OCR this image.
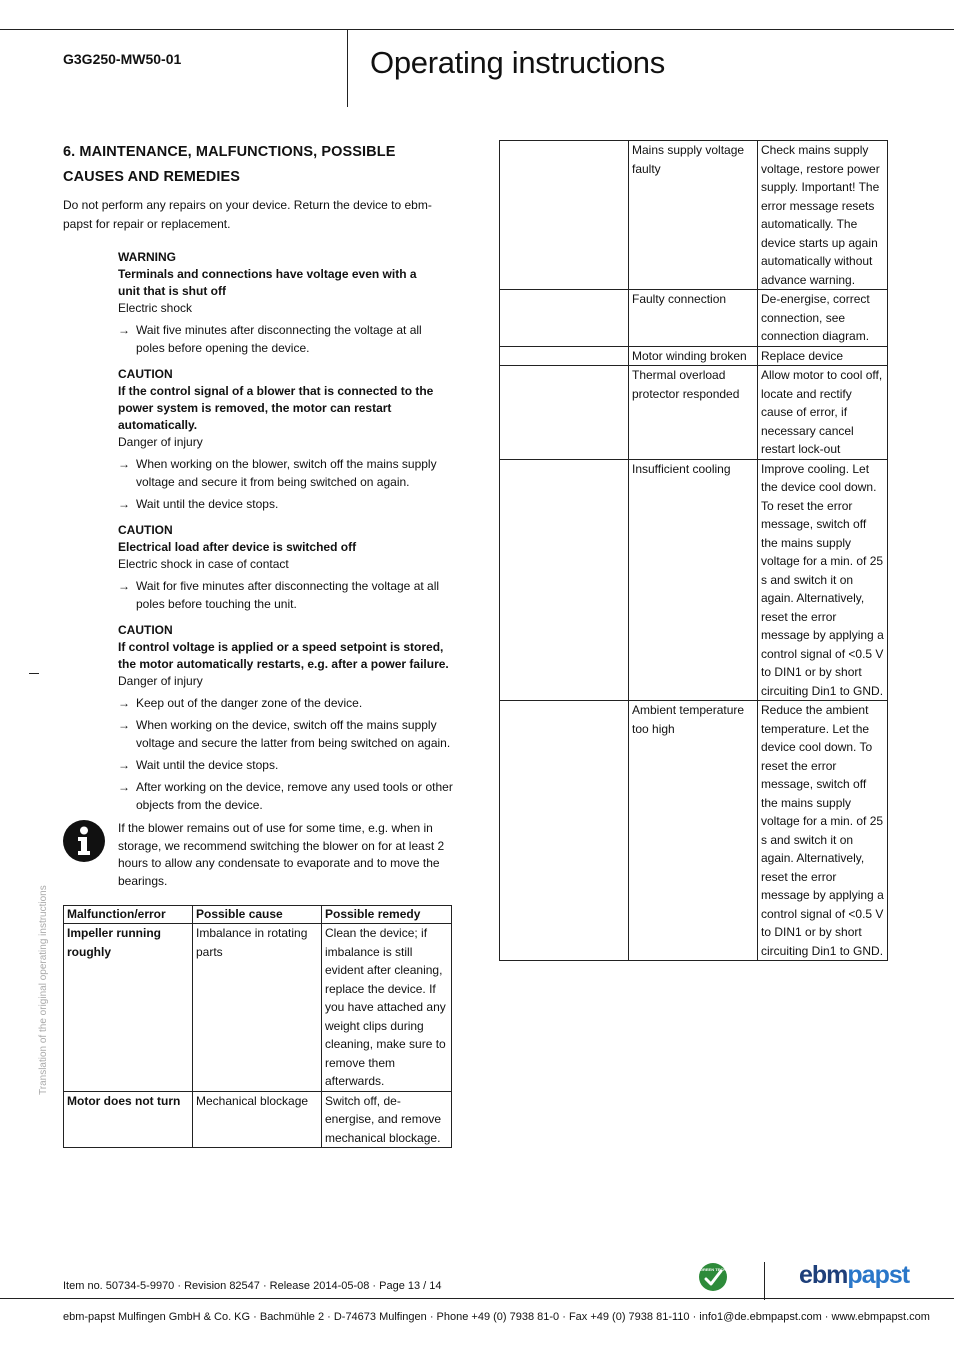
G3G250-MW50-01	Operating instructions
6. MAINTENANCE, MALFUNCTIONS, POSSIBLE
CAUSES AND REMEDIES
Do not perform any repairs on your device. Return the device to ebm-papst for repair or replacement.
WARNING
Terminals and connections have voltage even with a unit that is shut off
Electric shock
→ Wait five minutes after disconnecting the voltage at all poles before opening the device.
CAUTION
If the control signal of a blower that is connected to the power system is removed, the motor can restart automatically.
Danger of injury
→ When working on the blower, switch off the mains supply voltage and secure it from being switched on again.
→ Wait until the device stops.
CAUTION
Electrical load after device is switched off
Electric shock in case of contact
→ Wait for five minutes after disconnecting the voltage at all poles before touching the unit.
CAUTION
If control voltage is applied or a speed setpoint is stored, the motor automatically restarts, e.g. after a power failure.
Danger of injury
→ Keep out of the danger zone of the device.
→ When working on the device, switch off the mains supply voltage and secure the latter from being switched on again.
→ Wait until the device stops.
→ After working on the device, remove any used tools or other objects from the device.
If the blower remains out of use for some time, e.g. when in storage, we recommend switching the blower on for at least 2 hours to allow any condensate to evaporate and to move the bearings.
Translation of the original operating instructions Malfunction/error	Possible cause	Possible remedy
Impeller running roughly	Imbalance in rotating parts	Clean the device; if imbalance is still evident after cleaning, replace the device. If you have attached any weight clips during cleaning, make sure to remove them afterwards.
Motor does not turn	Mechanical blockage	Switch off, de-energise, and remove mechanical blockage.
	Mains supply voltage faulty	Check mains supply voltage, restore power supply. Important! The error message resets automatically. The device starts up again automatically without advance warning.
	Faulty connection	De-energise, correct connection, see connection diagram.
	Motor winding broken	Replace device
	Thermal overload protector responded	Allow motor to cool off, locate and rectify cause of error, if necessary cancel restart lock-out
	Insufficient cooling	Improve cooling. Let the device cool down. To reset the error message, switch off the mains supply voltage for a min. of 25 s and switch it on again. Alternatively, reset the error message by applying a control signal of <0.5 V to DIN1 or by short circuiting Din1 to GND.
	Ambient temperature too high	Reduce the ambient temperature. Let the device cool down. To reset the error message, switch off the mains supply voltage for a min. of 25 s and switch it on again. Alternatively, reset the error message by applying a control signal of <0.5 V to DIN1 or by short circuiting Din1 to GND.
Item no. 50734-5-9970 · Revision 82547 · Release 2014-05-08 · Page 13 / 14
GREEN TECH	ebmpapst
ebm-papst Mulfingen GmbH & Co. KG · Bachmühle 2 · D-74673 Mulfingen · Phone +49 (0) 7938 81-0 · Fax +49 (0) 7938 81-110 · info1@de.ebmpapst.com · www.ebmpapst.com
